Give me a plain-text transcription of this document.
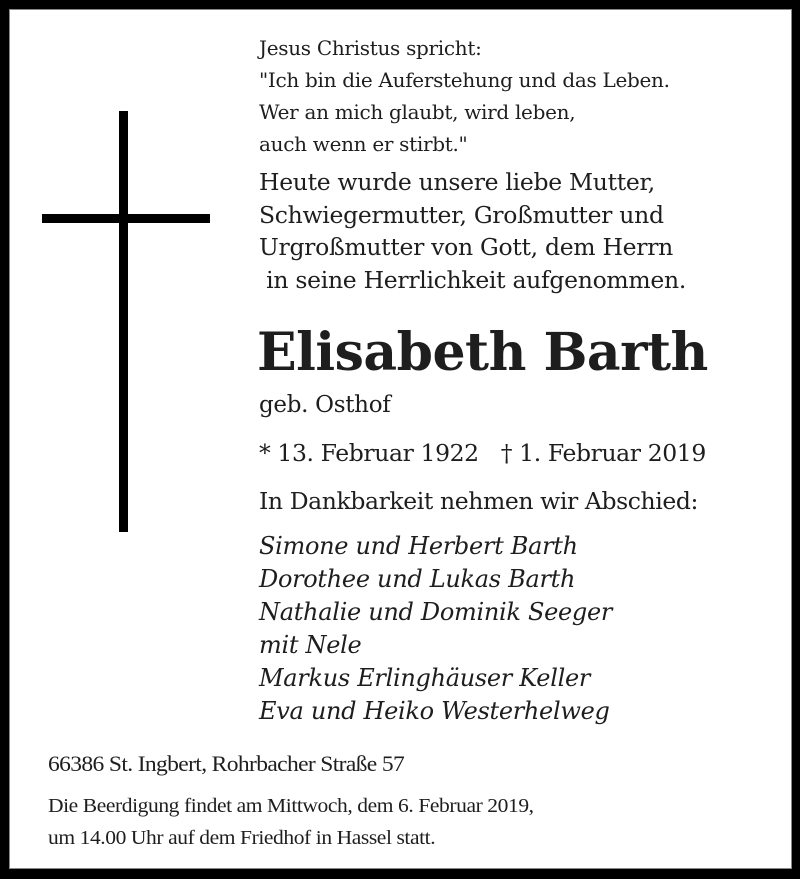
Jesus Christus spricht:
"Ich bin die Auferstehung und das Leben.
Wer an mich glaubt, wird leben,
auch wenn er stirbt."
Heute wurde unsere liebe Mutter,
Schwiegermutter, Großmutter und
Urgroßmutter von Gott, dem Herrn
in seine Herrlichkeit aufgenommen.
Elisabeth Barth
geb. Osthof
* 13. Februar 1922 † 1. Februar 2019
In Dankbarkeit nehmen wir Abschied:
Simone und Herbert Barth
Dorothee und Lukas Barth
Nathalie und Dominik Seeger
mit Nele
Markus Erlinghäuser Keller
Eva und Heiko Westerhelweg
66386 St. Ingbert, Rohrbacher Straße 57
Die Beerdigung findet am Mittwoch, dem 6. Februar 2019,
um 14.00 Uhr auf dem Friedhof in Hassel statt.
